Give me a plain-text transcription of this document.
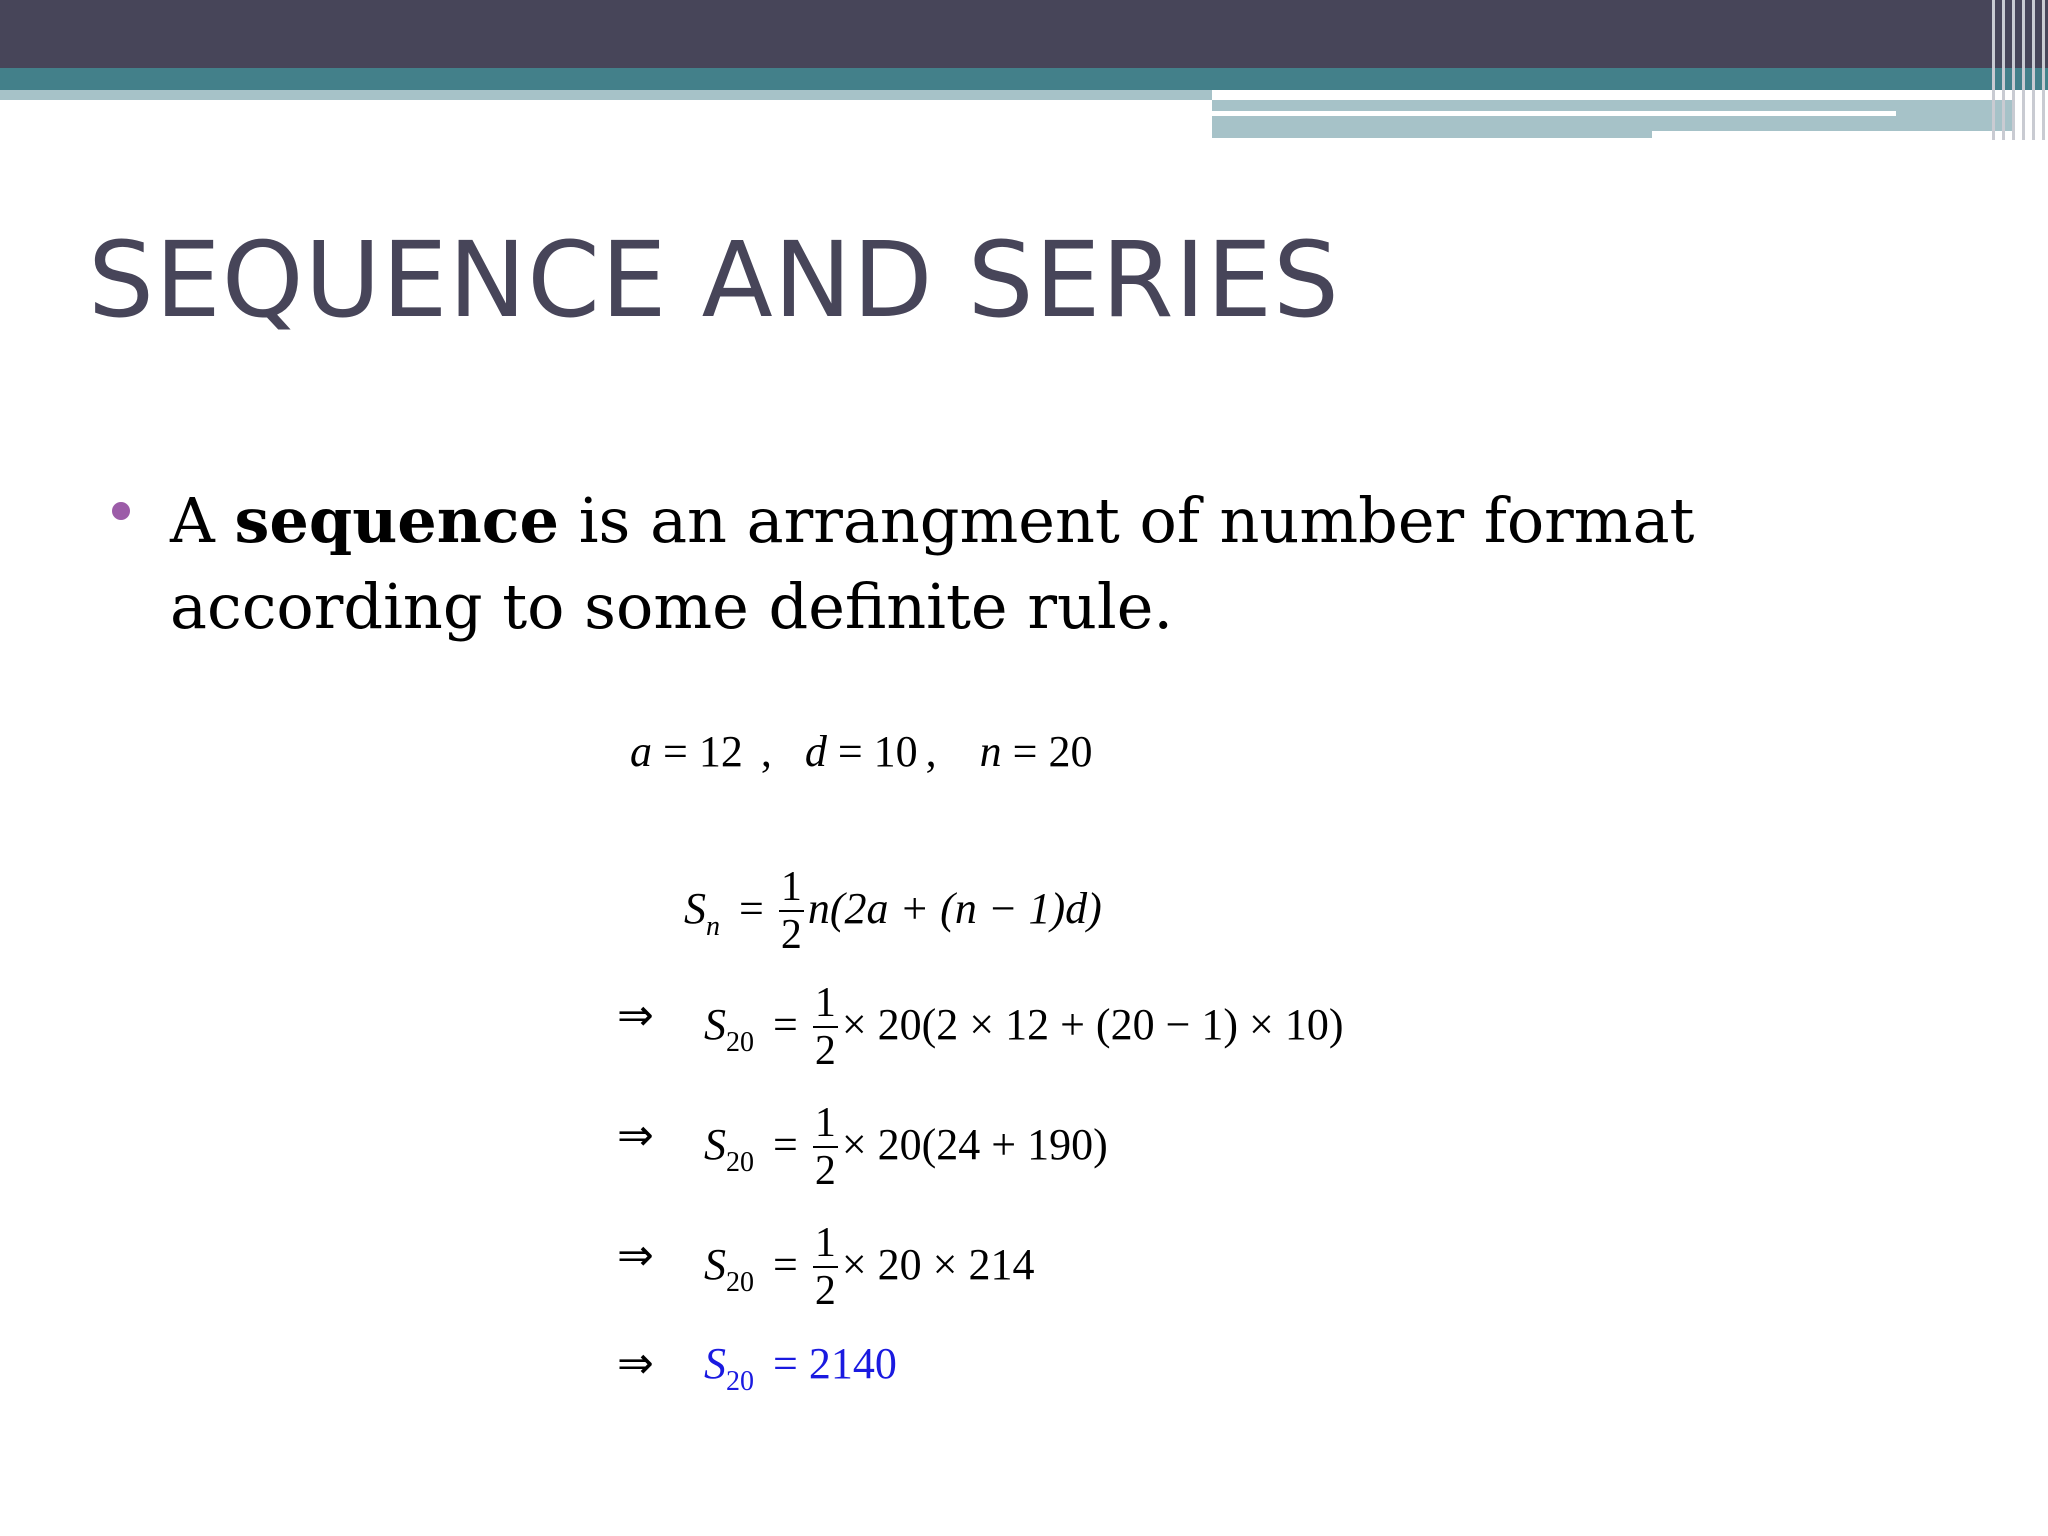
SEQUENCE AND SERIES

A sequence is an arrangment of number format according to some definite rule.

a = 12 , d = 10 , n = 20
$S_n = \frac{1}{2} n(2a + (n - 1)d)$
⇒ $S_{20} = \frac{1}{2} \times 20(2 \times 12 + (20 - 1) \times 10)$
⇒ $S_{20} = \frac{1}{2} \times 20(24 + 190)$
⇒ $S_{20} = \frac{1}{2} \times 20 \times 214$
⇒ $S_{20} = 2140$
